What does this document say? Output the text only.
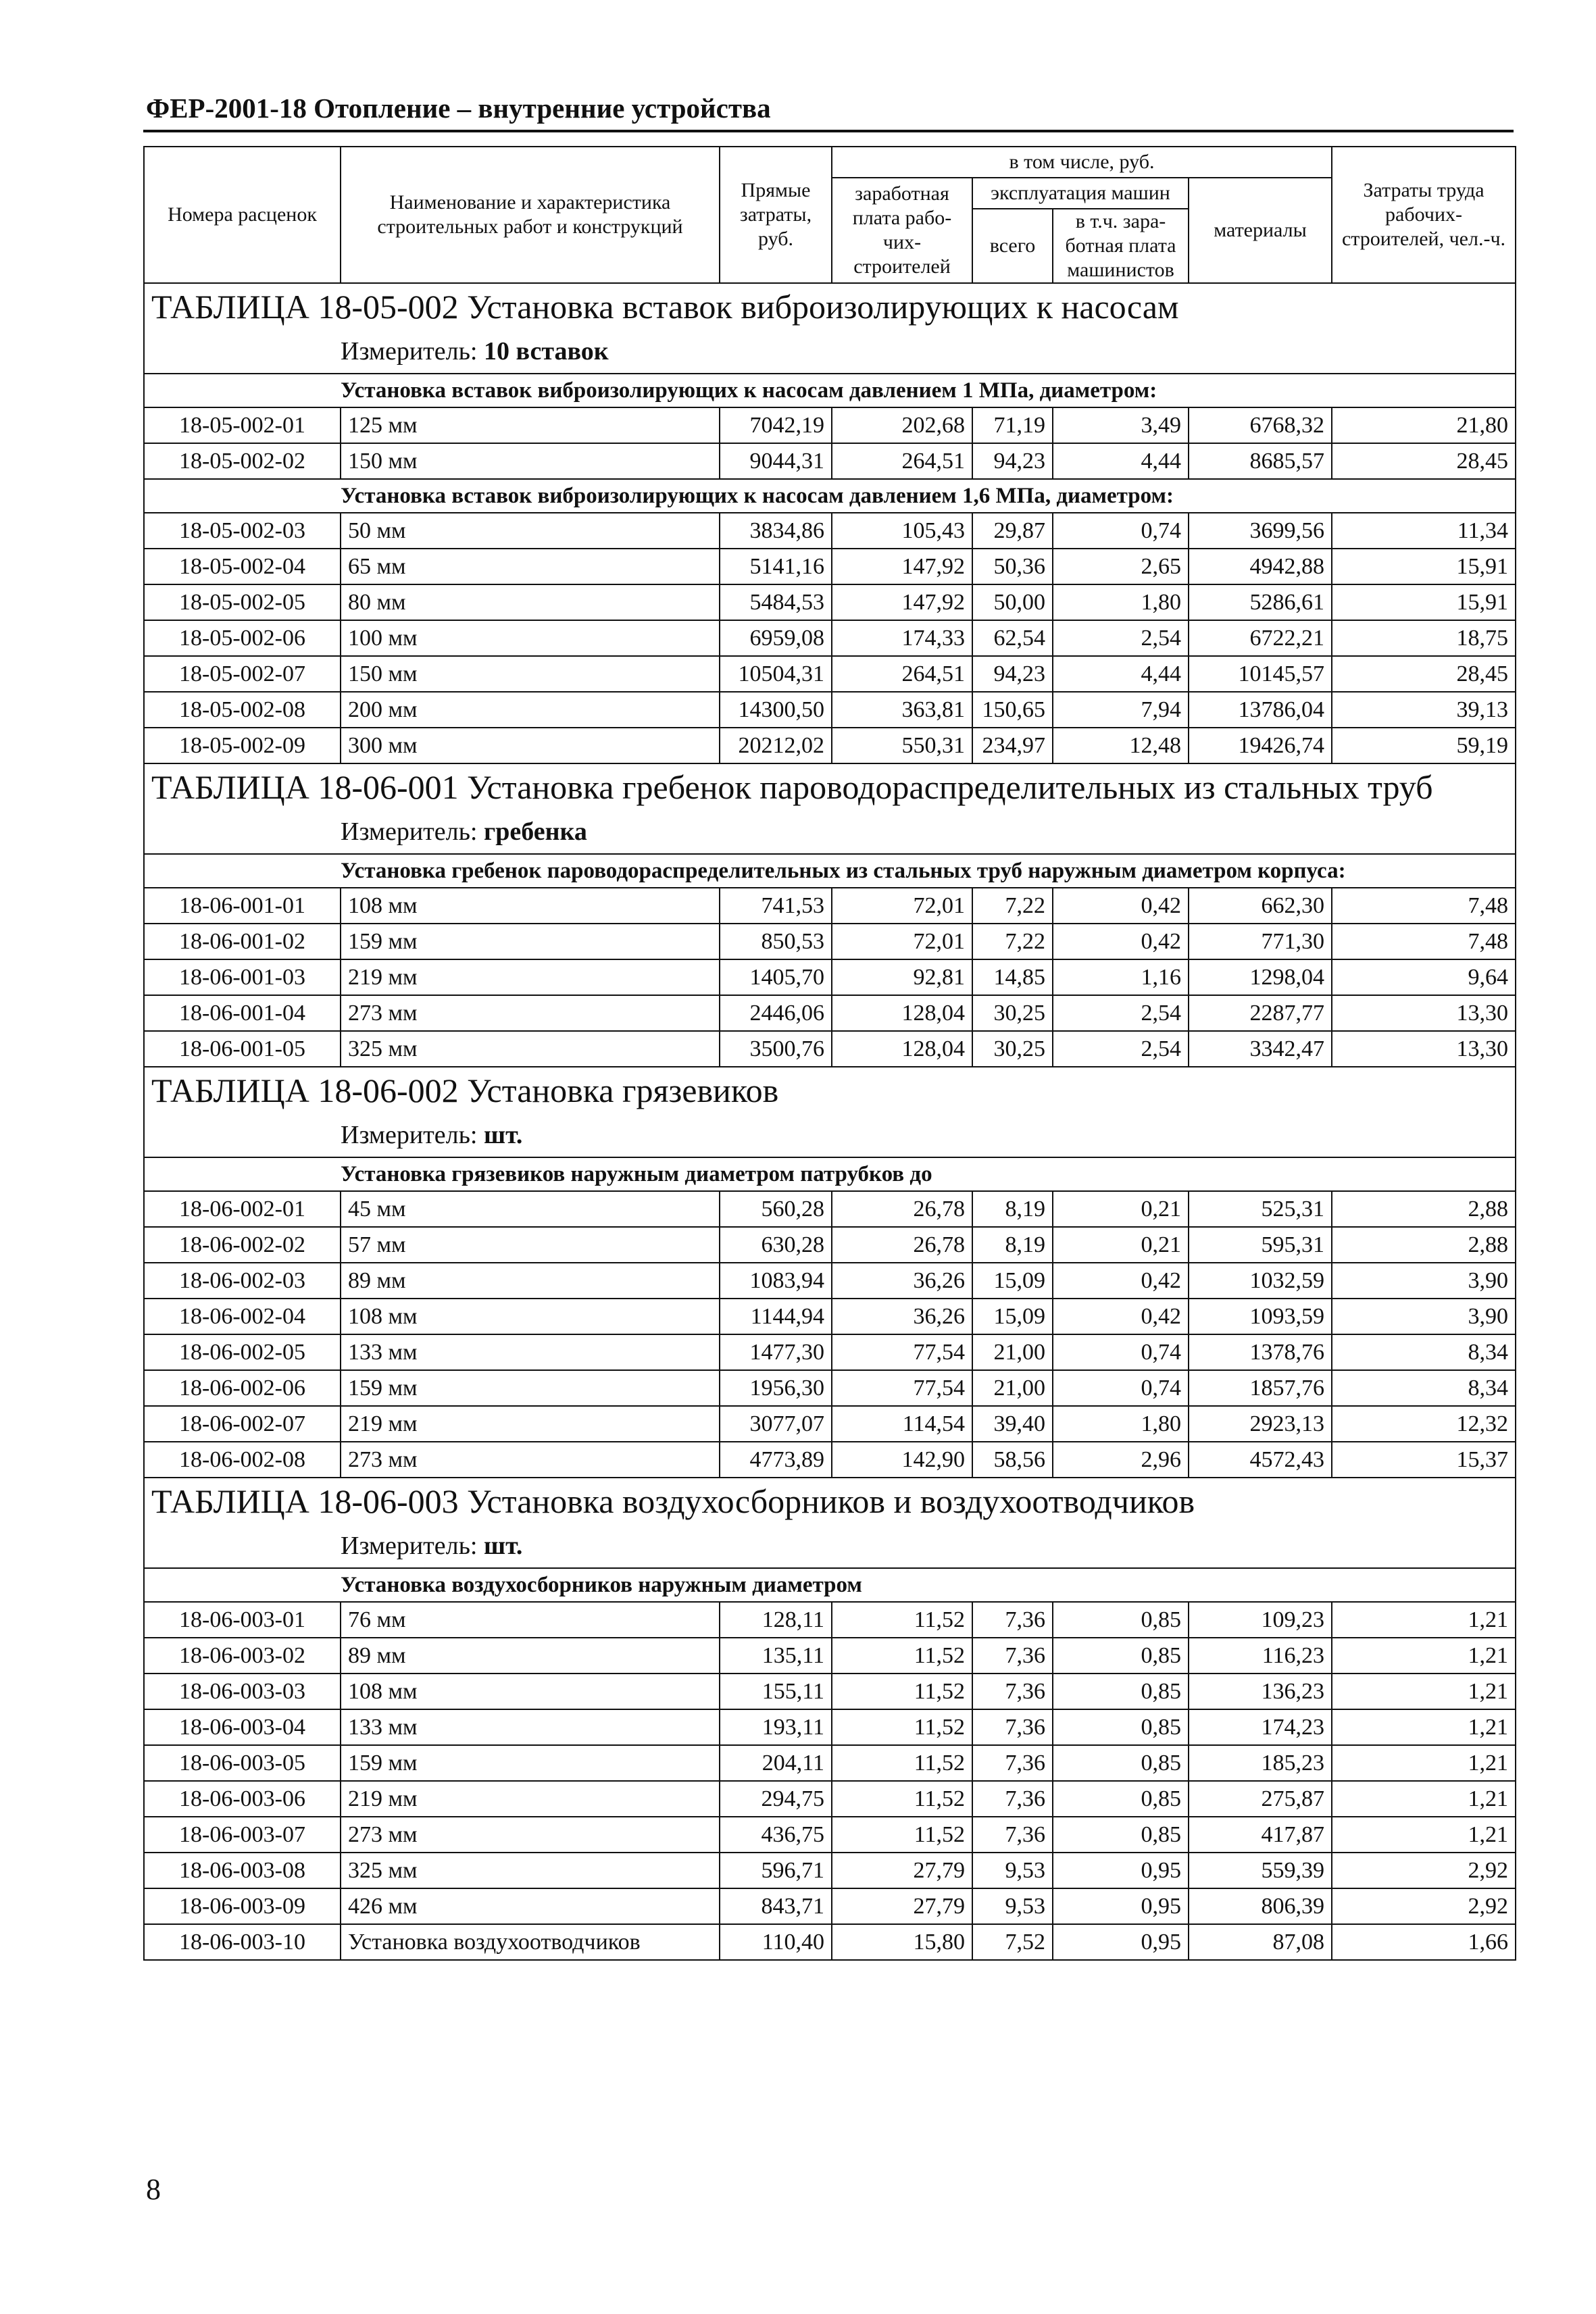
ФЕР-2001-18 Отопление – внутренние устройства
Номера расценок	Наименование и характеристика строительных работ и конструкций	Прямые затраты, руб.	в том числе, руб.				Затраты труда рабочих-строителей, чел.-ч.
			заработная плата рабо-чих-строителей	эксплуатация машин		материалы	
				всего	в т.ч. зара-ботная плата машинистов		
ТАБЛИЦА 18-05-002 Установка вставок виброизолирующих к насосам							
Измеритель: 10 вставок							
Установка вставок виброизолирующих к насосам давлением 1 МПа, диаметром:							
18-05-002-01	125 мм	7042,19	202,68	71,19	3,49	6768,32	21,80
18-05-002-02	150 мм	9044,31	264,51	94,23	4,44	8685,57	28,45
Установка вставок виброизолирующих к насосам давлением 1,6 МПа, диаметром:							
18-05-002-03	50 мм	3834,86	105,43	29,87	0,74	3699,56	11,34
18-05-002-04	65 мм	5141,16	147,92	50,36	2,65	4942,88	15,91
18-05-002-05	80 мм	5484,53	147,92	50,00	1,80	5286,61	15,91
18-05-002-06	100 мм	6959,08	174,33	62,54	2,54	6722,21	18,75
18-05-002-07	150 мм	10504,31	264,51	94,23	4,44	10145,57	28,45
18-05-002-08	200 мм	14300,50	363,81	150,65	7,94	13786,04	39,13
18-05-002-09	300 мм	20212,02	550,31	234,97	12,48	19426,74	59,19
ТАБЛИЦА 18-06-001 Установка гребенок пароводораспределительных из стальных труб							
Измеритель: гребенка							
Установка гребенок пароводораспределительных из стальных труб наружным диаметром корпуса:							
18-06-001-01	108 мм	741,53	72,01	7,22	0,42	662,30	7,48
18-06-001-02	159 мм	850,53	72,01	7,22	0,42	771,30	7,48
18-06-001-03	219 мм	1405,70	92,81	14,85	1,16	1298,04	9,64
18-06-001-04	273 мм	2446,06	128,04	30,25	2,54	2287,77	13,30
18-06-001-05	325 мм	3500,76	128,04	30,25	2,54	3342,47	13,30
ТАБЛИЦА 18-06-002 Установка грязевиков							
Измеритель: шт.							
Установка грязевиков наружным диаметром патрубков до							
18-06-002-01	45 мм	560,28	26,78	8,19	0,21	525,31	2,88
18-06-002-02	57 мм	630,28	26,78	8,19	0,21	595,31	2,88
18-06-002-03	89 мм	1083,94	36,26	15,09	0,42	1032,59	3,90
18-06-002-04	108 мм	1144,94	36,26	15,09	0,42	1093,59	3,90
18-06-002-05	133 мм	1477,30	77,54	21,00	0,74	1378,76	8,34
18-06-002-06	159 мм	1956,30	77,54	21,00	0,74	1857,76	8,34
18-06-002-07	219 мм	3077,07	114,54	39,40	1,80	2923,13	12,32
18-06-002-08	273 мм	4773,89	142,90	58,56	2,96	4572,43	15,37
ТАБЛИЦА 18-06-003 Установка воздухосборников и воздухоотводчиков							
Измеритель: шт.							
Установка воздухосборников наружным диаметром							
18-06-003-01	76 мм	128,11	11,52	7,36	0,85	109,23	1,21
18-06-003-02	89 мм	135,11	11,52	7,36	0,85	116,23	1,21
18-06-003-03	108 мм	155,11	11,52	7,36	0,85	136,23	1,21
18-06-003-04	133 мм	193,11	11,52	7,36	0,85	174,23	1,21
18-06-003-05	159 мм	204,11	11,52	7,36	0,85	185,23	1,21
18-06-003-06	219 мм	294,75	11,52	7,36	0,85	275,87	1,21
18-06-003-07	273 мм	436,75	11,52	7,36	0,85	417,87	1,21
18-06-003-08	325 мм	596,71	27,79	9,53	0,95	559,39	2,92
18-06-003-09	426 мм	843,71	27,79	9,53	0,95	806,39	2,92
18-06-003-10	Установка воздухоотводчиков	110,40	15,80	7,52	0,95	87,08	1,66
8
